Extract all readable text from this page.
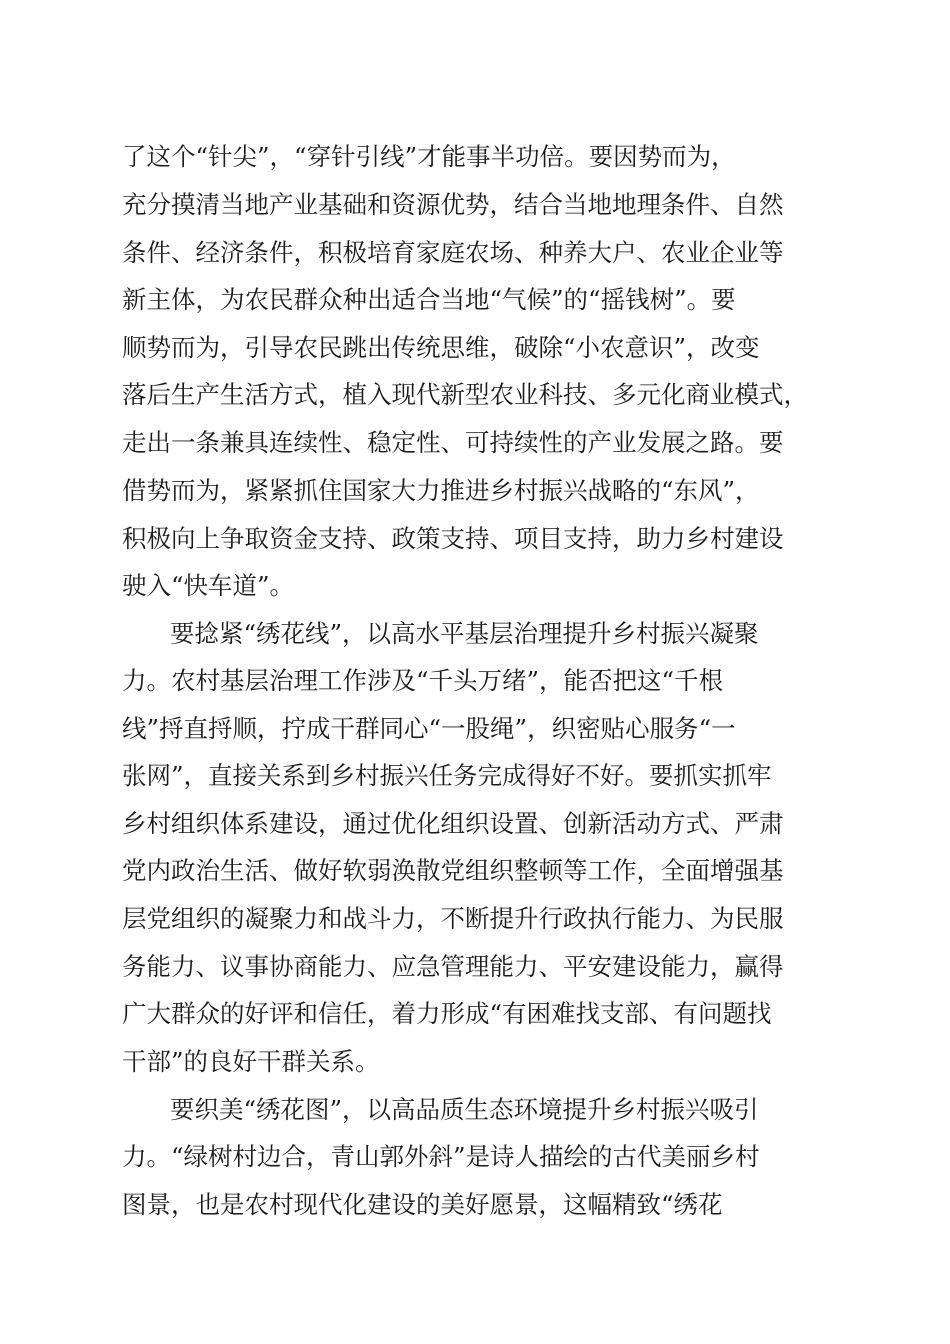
了这个“针尖”，“穿针引线”才能事半功倍。要因势而为，

充分摸清当地产业基础和资源优势，结合当地地理条件、自然

条件、经济条件，积极培育家庭农场、种养大户、农业企业等

新主体，为农民群众种出适合当地“气候”的“摇钱树”。要

顺势而为，引导农民跳出传统思维，破除“小农意识”，改变

落后生产生活方式，植入现代新型农业科技、多元化商业模式，

走出一条兼具连续性、稳定性、可持续性的产业发展之路。要

借势而为，紧紧抓住国家大力推进乡村振兴战略的“东风”，

积极向上争取资金支持、政策支持、项目支持，助力乡村建设

驶入“快车道”。

要捻紧“绣花线”，以高水平基层治理提升乡村振兴凝聚

力。农村基层治理工作涉及“千头万绪”，能否把这“千根

线”捋直捋顺，拧成干群同心“一股绳”，织密贴心服务“一

张网”，直接关系到乡村振兴任务完成得好不好。要抓实抓牢

乡村组织体系建设，通过优化组织设置、创新活动方式、严肃

党内政治生活、做好软弱涣散党组织整顿等工作，全面增强基

层党组织的凝聚力和战斗力，不断提升行政执行能力、为民服

务能力、议事协商能力、应急管理能力、平安建设能力，赢得

广大群众的好评和信任，着力形成“有困难找支部、有问题找

干部”的良好干群关系。

要织美“绣花图”，以高品质生态环境提升乡村振兴吸引

力。“绿树村边合，青山郭外斜”是诗人描绘的古代美丽乡村

图景，也是农村现代化建设的美好愿景，这幅精致“绣花
